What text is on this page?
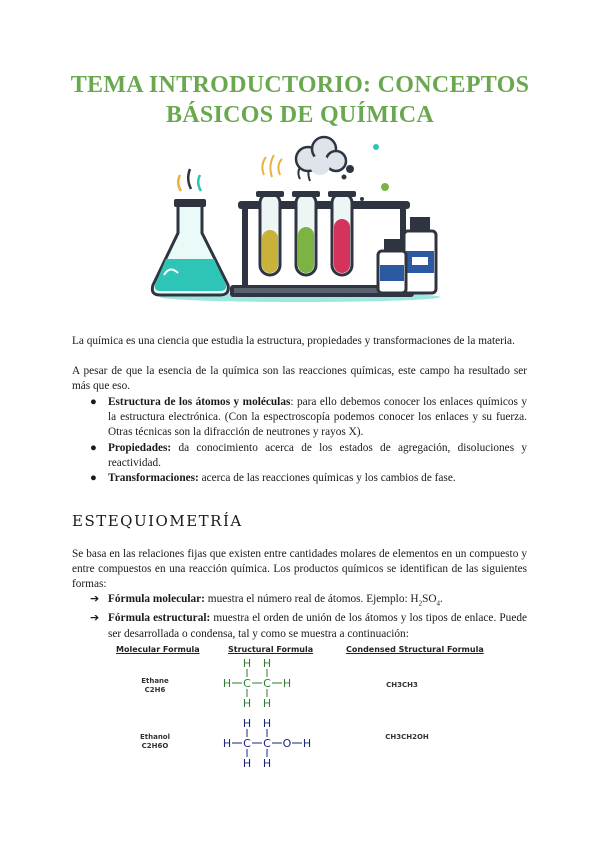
TEMA INTRODUCTORIO: CONCEPTOS
BÁSICOS DE QUÍMICA
La química es una ciencia que estudia la estructura, propiedades y transformaciones de la materia.
A pesar de que la esencia de la química son las reacciones químicas, este campo ha resultado ser más que eso.
● Estructura de los átomos y moléculas: para ello debemos conocer los enlaces químicos y la estructura electrónica. (Con la espectroscopía podemos conocer los enlaces y su fuerza. Otras técnicas son la difracción de neutrones y rayos X).
● Propiedades: da conocimiento acerca de los estados de agregación, disoluciones y reactividad.
● Transformaciones: acerca de las reacciones químicas y los cambios de fase.
ESTEQUIOMETRÍA
Se basa en las relaciones fijas que existen entre cantidades molares de elementos en un compuesto y entre compuestos en una reacción química. Los productos químicos se identifican de las siguientes formas:
➔ Fórmula molecular: muestra el número real de átomos. Ejemplo: $H_2SO_4$.
➔ Fórmula estructural: muestra el orden de unión de los átomos y los tipos de enlace. Puede ser desarrollada o condensa, tal y como se muestra a continuación:
Molecular Formula	Structural Formula	Condensed Structural Formula
Ethane
C2H6
CH3CH3
Ethanol
C2H6O
CH3CH2OH
H H
H C C H
H H
H H
H C C O H
H H
